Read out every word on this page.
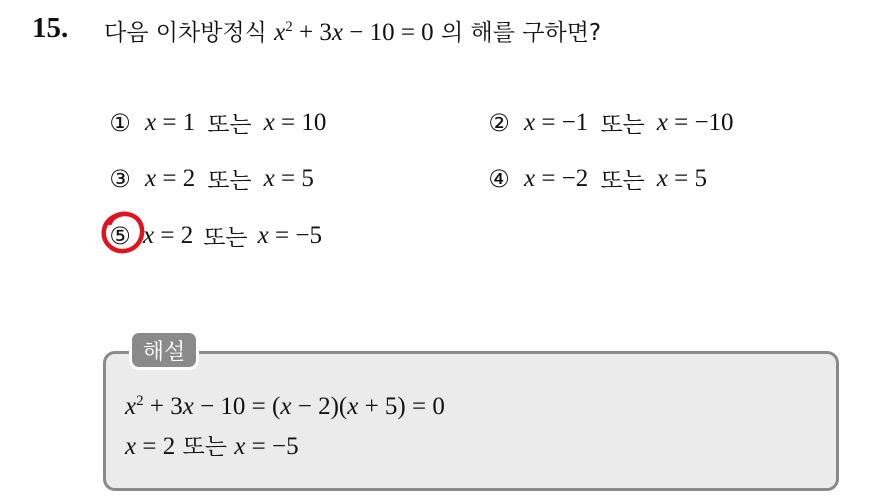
15. 다음 이차방정식 $x^2 + 3x - 10 = 0$ 의 해를 구하면?
① x = 1 또는 x = 10	② x = −1 또는 x = −10
③ x = 2 또는 x = 5	④ x = −2 또는 x = 5
⑤ x = 2 또는 x = −5
해설
$x^2 + 3x - 10 = (x - 2)(x + 5) = 0$
x = 2 또는 x = −5
